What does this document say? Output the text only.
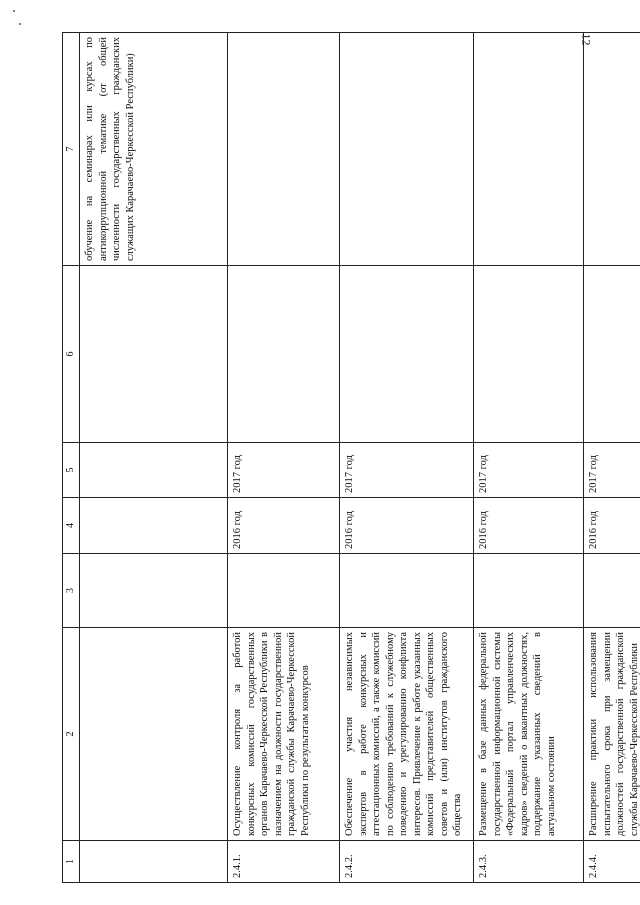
12
1	2	3	4	5	6	7
						обучение на семинарах или курсах по антикоррупционной тематике (от общей численности государственных гражданских служащих Карачаево-Черкесской Республики)
2.4.1.	Осуществление контроля за работой конкурсных комиссий государственных органов Карачаево-Черкесской Республики в назначением на должности государственной гражданской службы Карачаево-Черкесской Республики по результатам конкурсов		2016 год	2017 год		
2.4.2.	Обеспечение участия независимых экспертов в работе конкурсных и аттестационных комиссий, а также комиссий по соблюдению требований к служебному поведению и урегулированию конфликта интересов. Привлечение к работе указанных комиссий представителей общественных советов и (или) институтов гражданского общества		2016 год	2017 год		
2.4.3.	Размещение в базе данных федеральной государственной информационной системы «Федеральный портал управленческих кадров» сведений о вакантных должностях, поддержание указанных сведений в актуальном состоянии		2016 год	2017 год		
2.4.4.	Расширение практики использования испытательного срока при замещении должностей государственной гражданской службы Карачаево-Черкесской Республики		2016 год	2017 год		
